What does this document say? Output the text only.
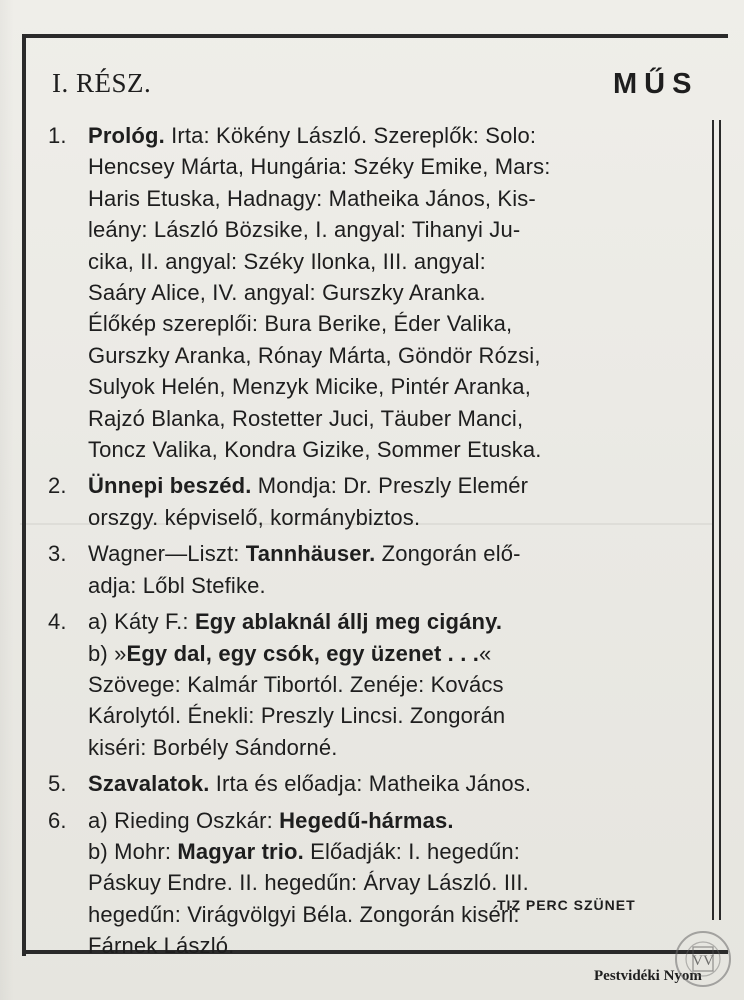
I. RÉSZ.	MŰS
1. Prológ. Irta: Kökény László. Szereplők: Solo:
Hencsey Márta, Hungária: Széky Emike, Mars:
Haris Etuska, Hadnagy: Matheika János, Kis-
leány: László Bözsike, I. angyal: Tihanyi Ju-
cika, II. angyal: Széky Ilonka, III. angyal:
Saáry Alice, IV. angyal: Gurszky Aranka.
Élőkép szereplői: Bura Berike, Éder Valika,
Gurszky Aranka, Rónay Márta, Göndör Rózsi,
Sulyok Helén, Menzyk Micike, Pintér Aranka,
Rajzó Blanka, Rostetter Juci, Täuber Manci,
Toncz Valika, Kondra Gizike, Sommer Etuska.
2. Ünnepi beszéd. Mondja: Dr. Preszly Elemér
orszgy. képviselő, kormánybiztos.
3. Wagner—Liszt: Tannhäuser. Zongorán elő-
adja: Lőbl Stefike.
4. a) Káty F.: Egy ablaknál állj meg cigány.
b) »Egy dal, egy csók, egy üzenet . . .«
Szövege: Kalmár Tibortól. Zenéje: Kovács
Károlytól. Énekli: Preszly Lincsi. Zongorán
kiséri: Borbély Sándorné.
5. Szavalatok. Irta és előadja: Matheika János.
6. a) Rieding Oszkár: Hegedű-hármas.
b) Mohr: Magyar trio. Előadják: I. hegedűn:
Páskuy Endre. II. hegedűn: Árvay László. III.
hegedűn: Virágvölgyi Béla. Zongorán kiséri:
Fárnek László.
TIZ PERC SZÜNET
Pestvidéki Nyom
VV
